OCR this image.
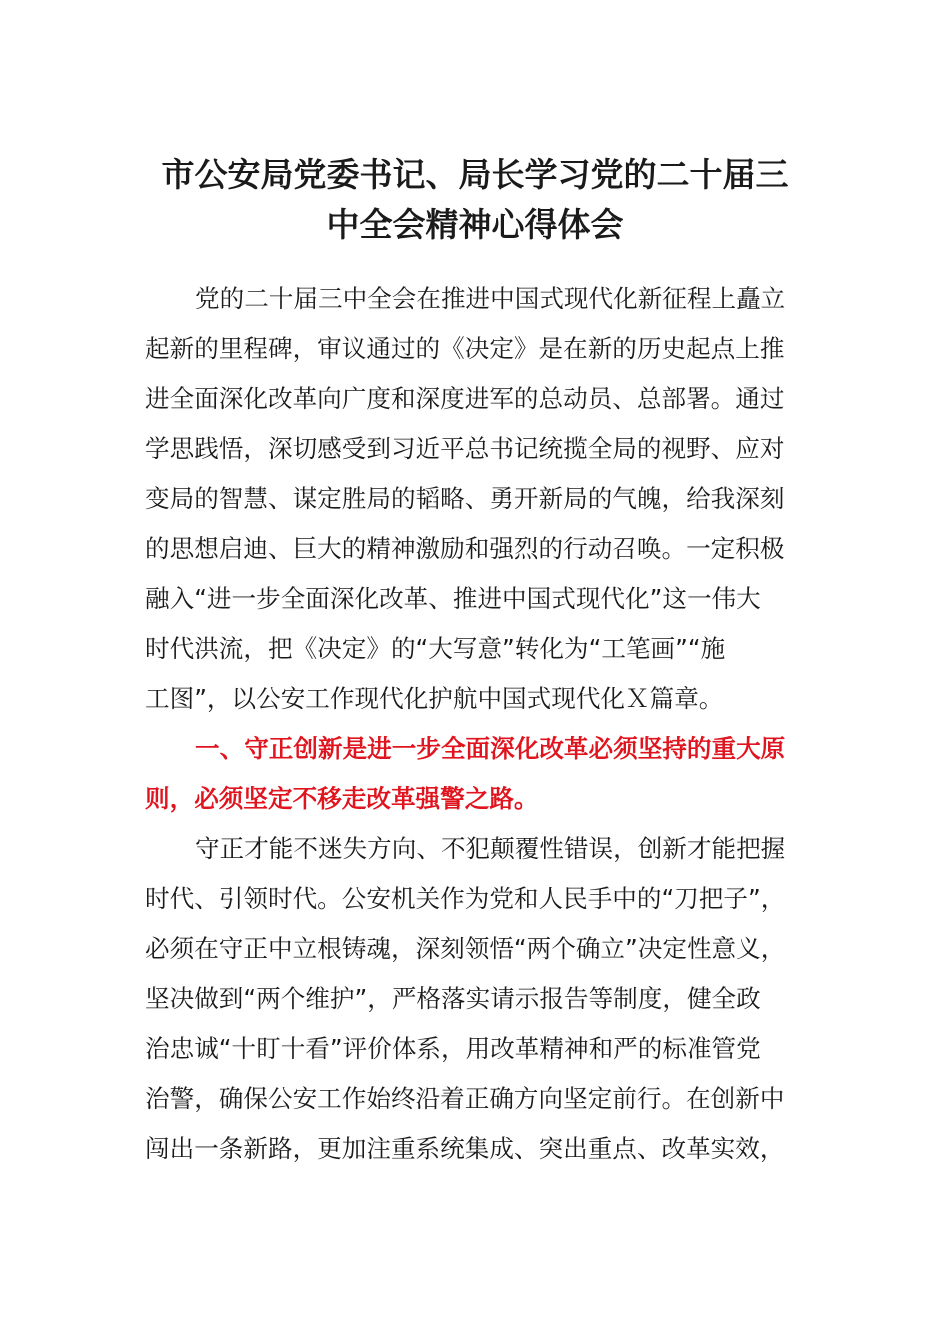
市公安局党委书记、局长学习党的二十届三
中全会精神心得体会
党的二十届三中全会在推进中国式现代化新征程上矗立
起新的里程碑，审议通过的《决定》是在新的历史起点上推
进全面深化改革向广度和深度进军的总动员、总部署。通过
学思践悟，深切感受到习近平总书记统揽全局的视野、应对
变局的智慧、谋定胜局的韬略、勇开新局的气魄，给我深刻
的思想启迪、巨大的精神激励和强烈的行动召唤。一定积极
融入“进一步全面深化改革、推进中国式现代化”这一伟大
时代洪流，把《决定》的“大写意”转化为“工笔画”“施
工图”，以公安工作现代化护航中国式现代化Ｘ篇章。
一、守正创新是进一步全面深化改革必须坚持的重大原
则，必须坚定不移走改革强警之路。
守正才能不迷失方向、不犯颠覆性错误，创新才能把握
时代、引领时代。公安机关作为党和人民手中的“刀把子”，
必须在守正中立根铸魂，深刻领悟“两个确立”决定性意义，
坚决做到“两个维护”，严格落实请示报告等制度，健全政
治忠诚“十盯十看”评价体系，用改革精神和严的标准管党
治警，确保公安工作始终沿着正确方向坚定前行。在创新中
闯出一条新路，更加注重系统集成、突出重点、改革实效，
